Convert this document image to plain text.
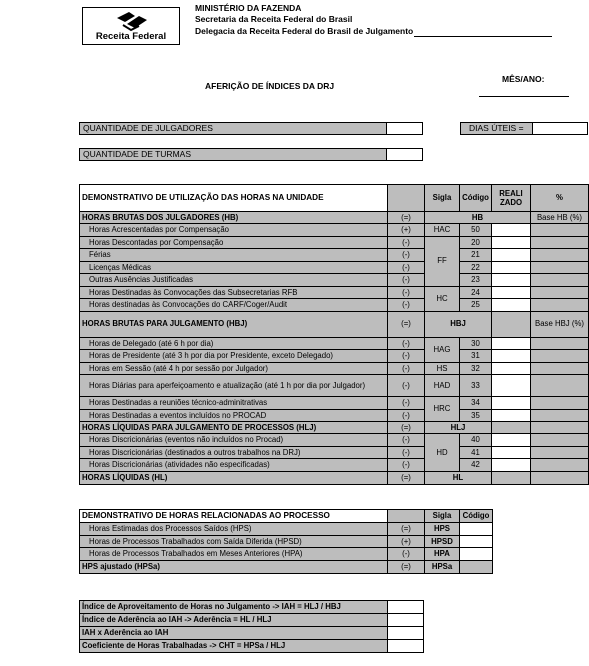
Receita Federal
MINISTÉRIO DA FAZENDA
Secretaria da Receita Federal do Brasil
Delegacia da Receita Federal do Brasil de Julgamento
AFERIÇÃO DE ÍNDICES DA DRJ
MÊS/ANO:
QUANTIDADE DE JULGADORES	DIAS ÚTEIS =
QUANTIDADE DE TURMAS
DEMONSTRATIVO DE UTILIZAÇÃO DAS HORAS NA UNIDADE		Sigla	Código	REALIZADO	%
HORAS BRUTAS DOS JULGADORES (HB)	(=)	HB			Base HB (%)
Horas Acrescentadas por Compensação	(+)	HAC	50		
Horas Descontadas por Compensação	(-)	FF	20		
Férias	(-)		21		
Licenças Médicas	(-)		22		
Outras Ausências Justificadas	(-)		23		
Horas Destinadas às Convocações das Subsecretarias RFB	(-)	HC	24		
Horas destinadas às Convocações do CARF/Coger/Audit	(-)		25		
HORAS BRUTAS PARA JULGAMENTO (HBJ)	(=)	HBJ			Base HBJ (%)
Horas de Delegado (até 6 h por dia)	(-)	HAG	30		
Horas de Presidente (até 3 h por dia por Presidente, exceto Delegado)	(-)		31		
Horas em Sessão (até 4 h por sessão por Julgador)	(-)	HS	32		
Horas Diárias para aperfeiçoamento e atualização (até 1 h por dia por Julgador)	(-)	HAD	33		
Horas Destinadas a reuniões técnico-adminitrativas	(-)	HRC	34		
Horas Destinadas a eventos incluídos no PROCAD	(-)		35		
HORAS LÍQUIDAS PARA JULGAMENTO DE PROCESSOS (HLJ)	(=)	HLJ			
Horas Discricionárias (eventos não incluídos no Procad)	(-)	HD	40		
Horas Discricionárias (destinados a outros trabalhos na DRJ)	(-)		41		
Horas Discricionárias (atividades não especificadas)	(-)		42		
HORAS LÍQUIDAS (HL)	(=)	HL			
DEMONSTRATIVO DE HORAS RELACIONADAS AO PROCESSO		Sigla	Código
Horas Estimadas dos Processos Saídos (HPS)	(=)	HPS	
Horas de Processos Trabalhados com Saída Diferida (HPSD)	(+)	HPSD	
Horas de Processos Trabalhados em Meses Anteriores (HPA)	(-)	HPA	
HPS ajustado (HPSa)	(=)	HPSa	
Índice de Aproveitamento de Horas no Julgamento -> IAH = HLJ / HBJ	
Índice de Aderência ao IAH -> Aderência = HL / HLJ	
IAH x Aderência ao IAH	
Coeficiente de Horas Trabalhadas -> CHT = HPSa / HLJ	
